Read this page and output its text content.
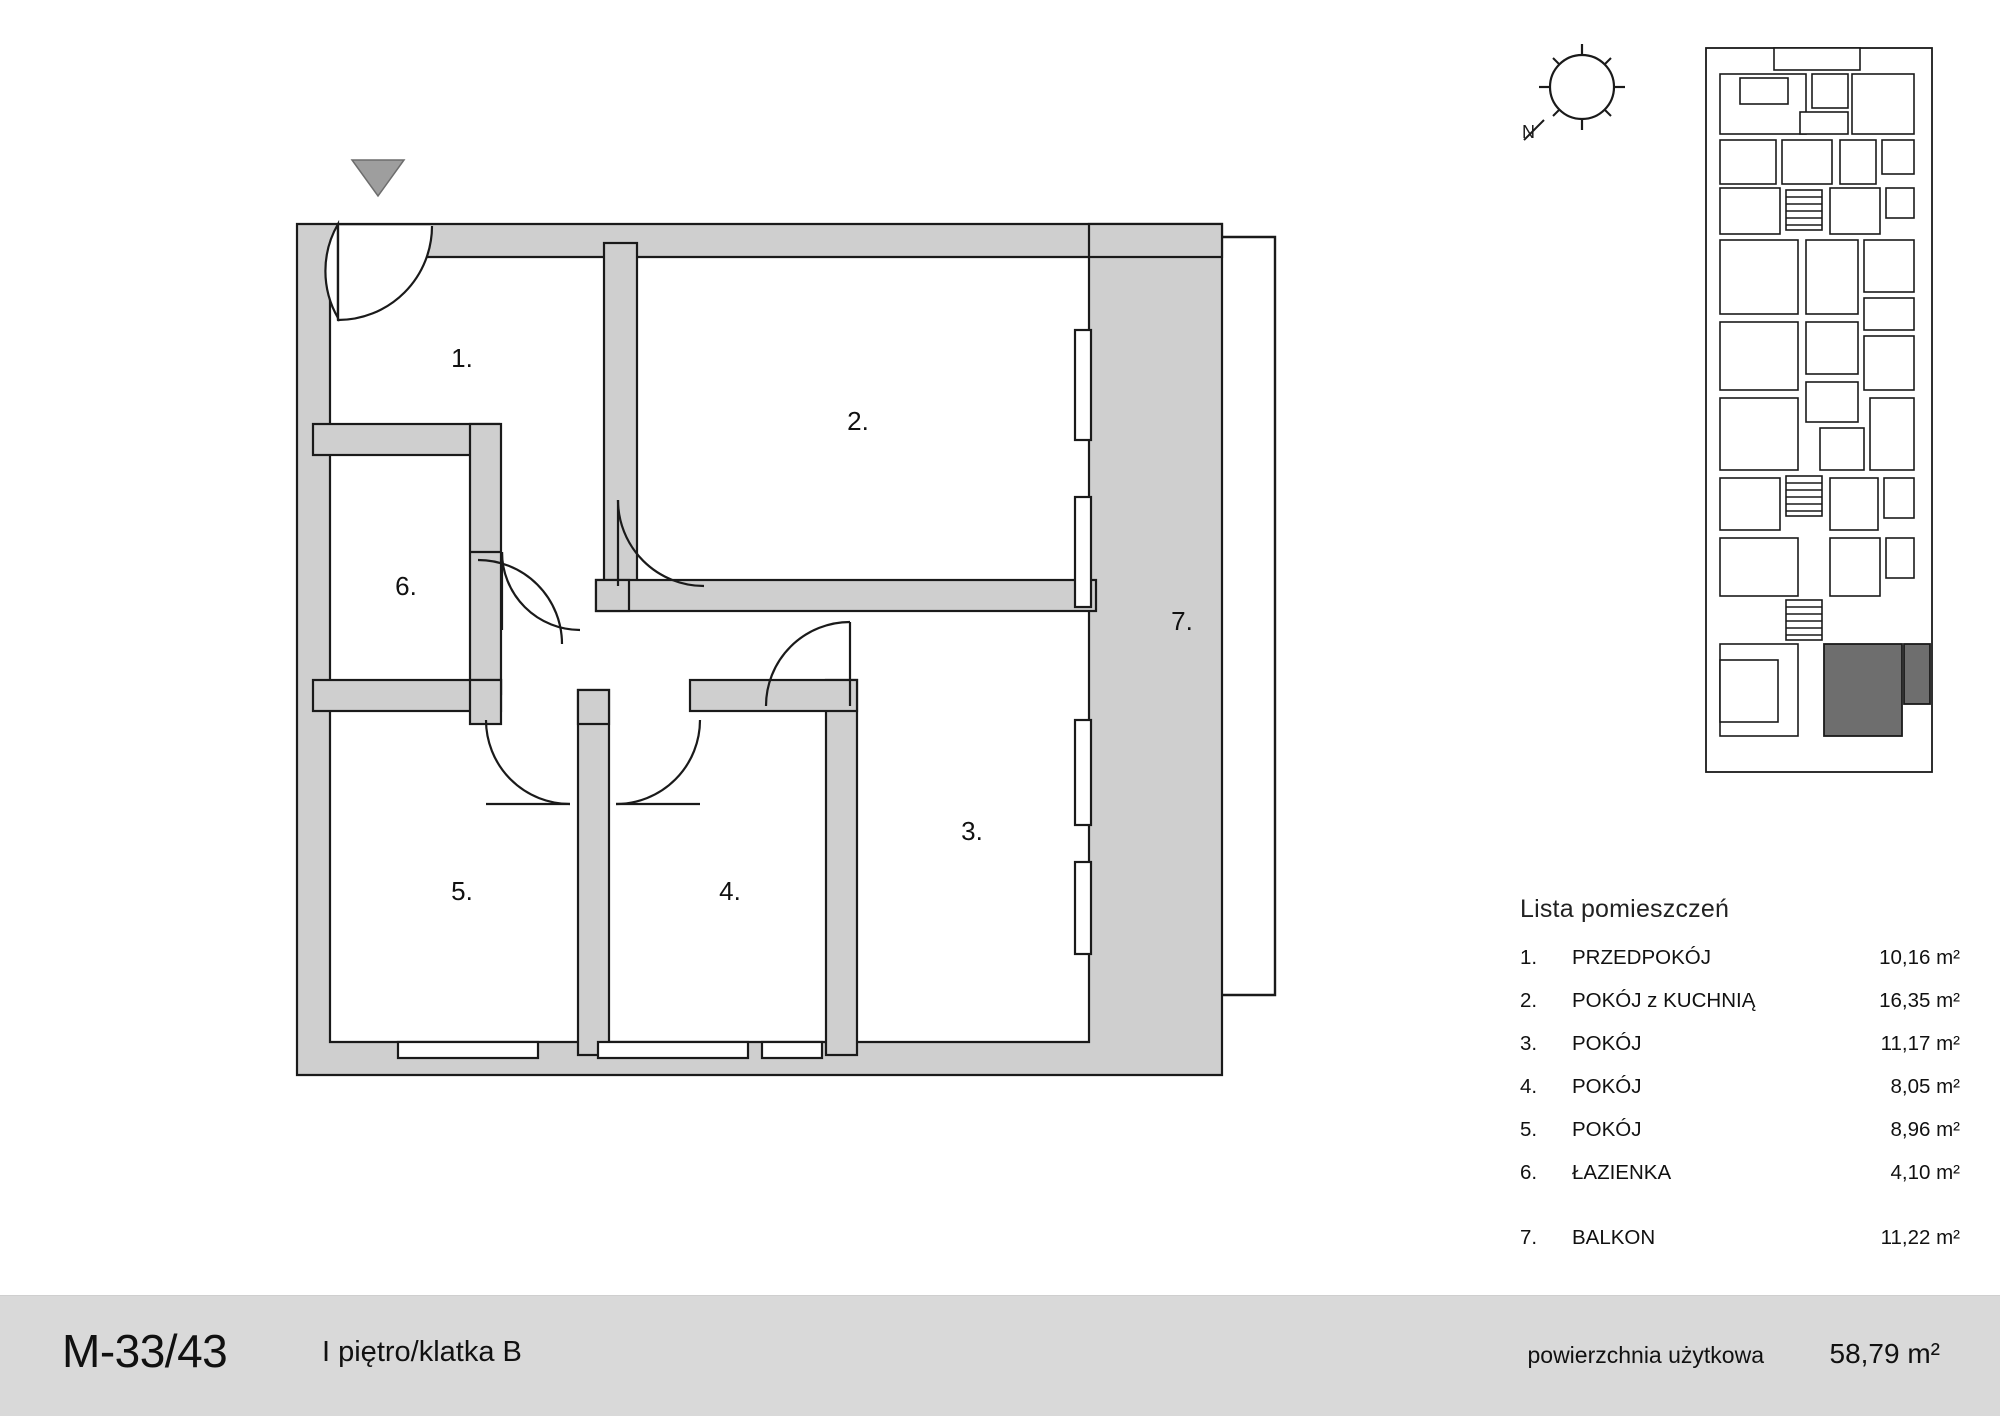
1.
2.
3.
4.
5.
6.
7.
N
Lista pomieszczeń
1.	PRZEDPOKÓJ	10,16 m²
2.	POKÓJ z KUCHNIĄ	16,35 m²
3.	POKÓJ	11,17 m²
4.	POKÓJ	8,05 m²
5.	POKÓJ	8,96 m²
6.	ŁAZIENKA	4,10 m²

7.	BALKON	11,22 m²
M-33/43	I piętro/klatka B	powierzchnia użytkowa 58,79 m²
